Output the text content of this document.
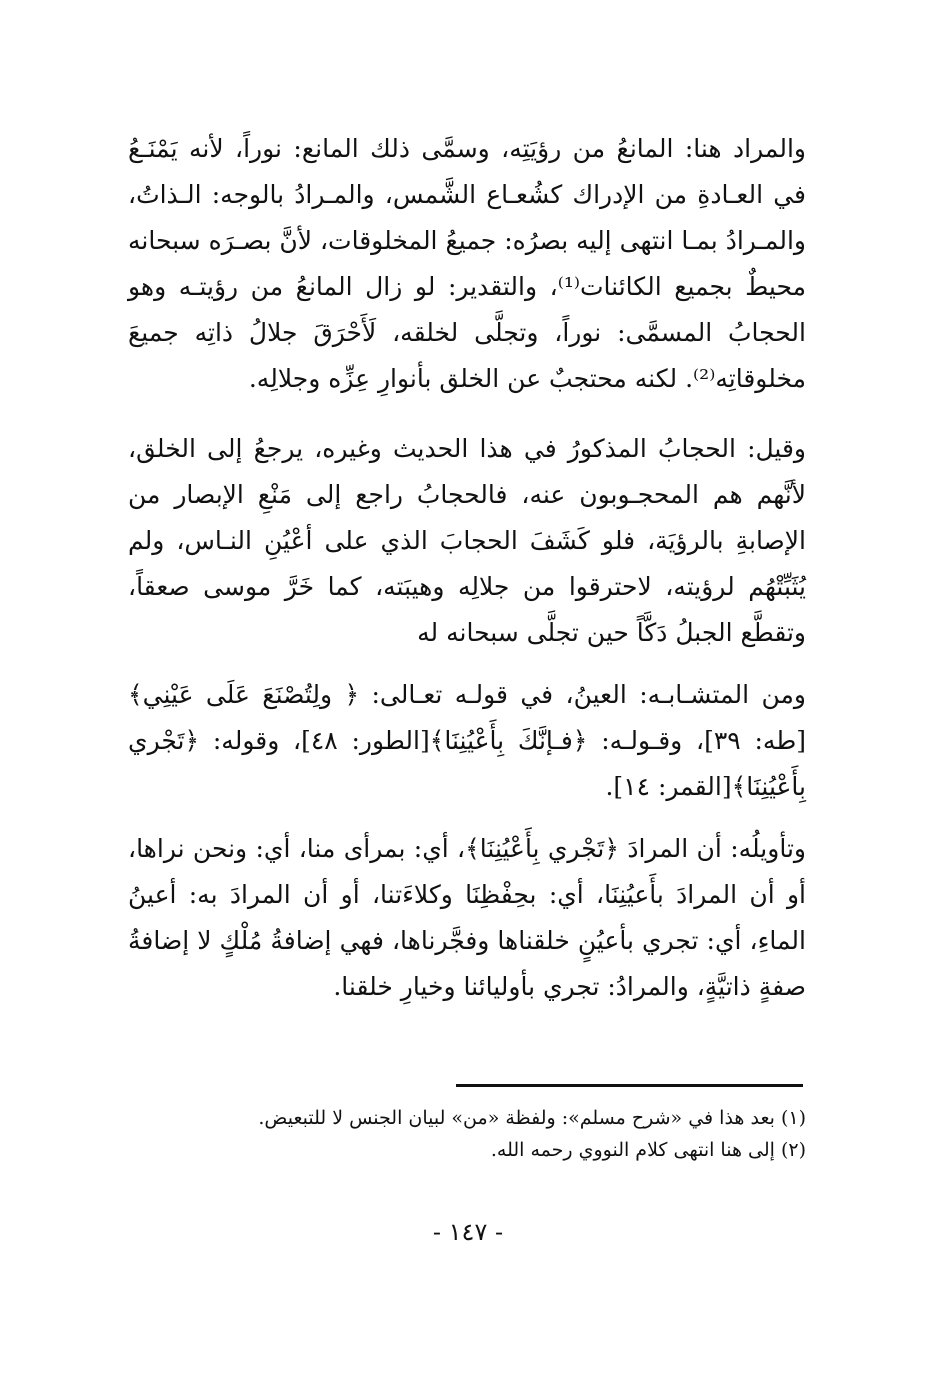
والمراد هنا: المانعُ من رؤيَتِه، وسمَّى ذلك المانع: نوراً، لأنه يَمْنَـعُ في العـادةِ من الإدراك كشُعـاع الشَّمس، والمـرادُ بالوجه: الـذاتُ، والمـرادُ بمـا انتهى إليه بصرُه: جميعُ المخلوقات، لأنَّ بصـرَه سبحانه محيطٌ بجميع الكائنات⁽¹⁾، والتقدير: لو زال المانعُ من رؤيتـه وهو الحجابُ المسمَّى: نوراً، وتجلَّى لخلقه، لَأَحْرَقَ جلالُ ذاتِه جميعَ مخلوقاتِه⁽²⁾. لكنه محتجبٌ عن الخلق بأنوارِ عِزِّه وجلالِه.

وقيل: الحجابُ المذكورُ في هذا الحديث وغيره، يرجعُ إلى الخلق، لأنَّهم هم المحجـوبون عنه، فالحجابُ راجع إلى مَنْعِ الإبصار من الإصابةِ بالرؤيَة، فلو كَشَفَ الحجابَ الذي على أعْيُنِ النـاس، ولم يُثَبِّتْهُم لرؤيته، لاحترقوا من جلالِه وهيبَته، كما خَرَّ موسى صعقاً، وتقطَّع الجبلُ دَكَّاً حين تجلَّى سبحانه له

ومن المتشـابـه: العينُ، في قولـه تعـالى: ﴿ ولِتُصْنَعَ عَلَى عَيْنِي﴾[طه: ٣٩]، وقـولـه: ﴿فـإنَّكَ بِأَعْيُنِنَا﴾[الطور: ٤٨]، وقوله: ﴿تَجْري بِأَعْيُنِنَا﴾[القمر: ١٤].

وتأويلُه: أن المرادَ ﴿تَجْري بِأَعْيُنِنَا﴾، أي: بمرأى منا، أي: ونحن نراها، أو أن المرادَ بأَعيُنِنَا، أي: بحِفْظِنَا وكلاءَتنا، أو أن المرادَ به: أعينُ الماءِ، أي: تجري بأعيُنٍ خلقناها وفجَّرناها، فهي إضافةُ مُلْكٍ لا إضافةُ صفةٍ ذاتيَّةٍ، والمرادُ: تجري بأوليائنا وخيارِ خلقنا.

(١) بعد هذا في «شرح مسلم»: ولفظة «من» لبيان الجنس لا للتبعيض.

(٢) إلى هنا انتهى كلام النووي رحمه الله.

- ١٤٧ -
